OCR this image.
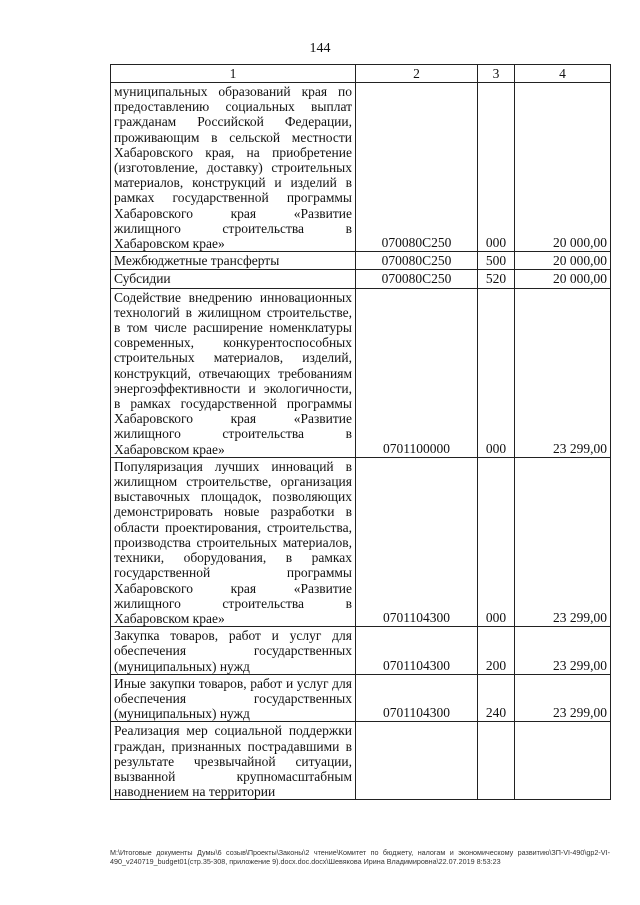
144
1	2	3	4
муниципальных образований края по предоставлению социальных выплат гражданам Российской Федерации, проживающим в сельской местности Хабаровского края, на приобретение (изготовление, доставку) строительных материалов, конструкций и изделий в рамках государственной программы Хабаровского края «Развитие жилищного строительства в Хабаровском крае»	070080C250	000	20 000,00
Межбюджетные трансферты	070080C250	500	20 000,00
Субсидии	070080C250	520	20 000,00
Содействие внедрению инновационных технологий в жилищном строительстве, в том числе расширение номенклатуры современных, конкурентоспособных строительных материалов, изделий, конструкций, отвечающих требованиям энергоэффективности и экологичности, в рамках государственной программы Хабаровского края «Развитие жилищного строительства в Хабаровском крае»	0701100000	000	23 299,00
Популяризация лучших инноваций в жилищном строительстве, организация выставочных площадок, позволяющих демонстрировать новые разработки в области проектирования, строительства, производства строительных материалов, техники, оборудования, в рамках государственной программы Хабаровского края «Развитие жилищного строительства в Хабаровском крае»	0701104300	000	23 299,00
Закупка товаров, работ и услуг для обеспечения государственных (муниципальных) нужд	0701104300	200	23 299,00
Иные закупки товаров, работ и услуг для обеспечения государственных (муниципальных) нужд	0701104300	240	23 299,00
Реализация мер социальной поддержки граждан, признанных пострадавшими в результате чрезвычайной ситуации, вызванной крупномасштабным наводнением на территории			
M:\Итоговые документы Думы\6 созыв\Проекты\Законы\2 чтение\Комитет по бюджету, налогам и экономическому развитию\ЗП-VI-490\gp2-VI-490_v240719_budget01(стр.35-308, приложение 9).docx.doc.docx\Шевякова Ирина Владимировна\22.07.2019 8:53:23
